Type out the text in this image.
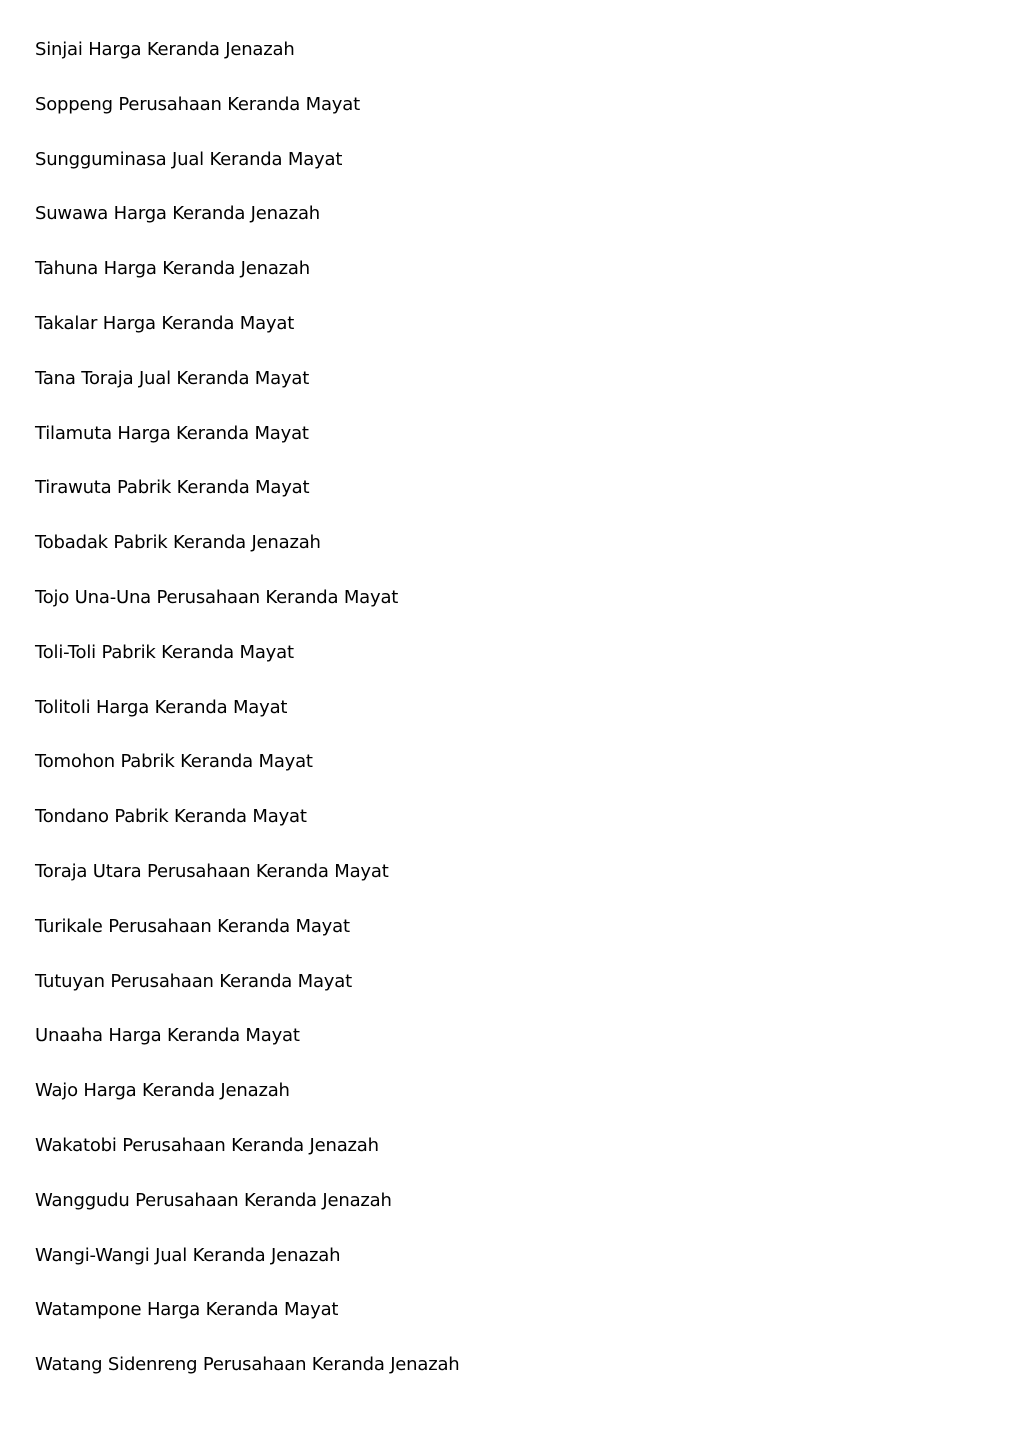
Sinjai Harga Keranda Jenazah
Soppeng Perusahaan Keranda Mayat
Sungguminasa Jual Keranda Mayat
Suwawa Harga Keranda Jenazah
Tahuna Harga Keranda Jenazah
Takalar Harga Keranda Mayat
Tana Toraja Jual Keranda Mayat
Tilamuta Harga Keranda Mayat
Tirawuta Pabrik Keranda Mayat
Tobadak Pabrik Keranda Jenazah
Tojo Una-Una Perusahaan Keranda Mayat
Toli-Toli Pabrik Keranda Mayat
Tolitoli Harga Keranda Mayat
Tomohon Pabrik Keranda Mayat
Tondano Pabrik Keranda Mayat
Toraja Utara Perusahaan Keranda Mayat
Turikale Perusahaan Keranda Mayat
Tutuyan Perusahaan Keranda Mayat
Unaaha Harga Keranda Mayat
Wajo Harga Keranda Jenazah
Wakatobi Perusahaan Keranda Jenazah
Wanggudu Perusahaan Keranda Jenazah
Wangi-Wangi Jual Keranda Jenazah
Watampone Harga Keranda Mayat
Watang Sidenreng Perusahaan Keranda Jenazah
